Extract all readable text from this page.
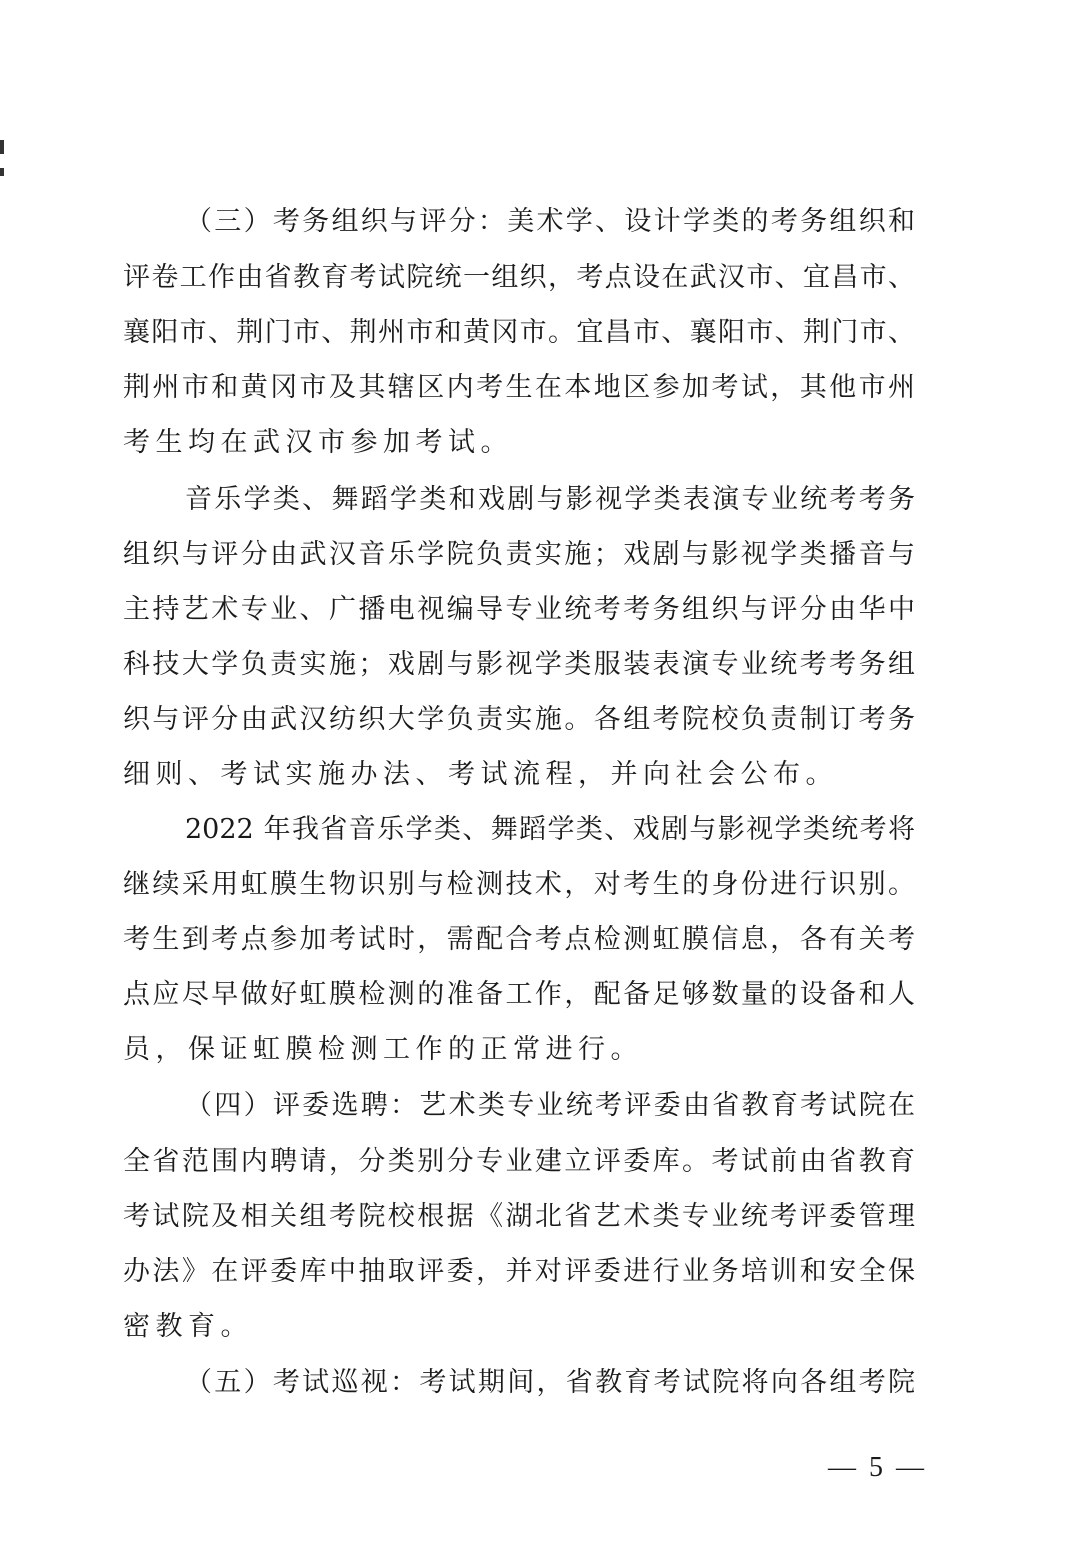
（三）考务组织与评分：美术学、设计学类的考务组织和
评卷工作由省教育考试院统一组织，考点设在武汉市、宜昌市、
襄阳市、荆门市、荆州市和黄冈市。宜昌市、襄阳市、荆门市、
荆州市和黄冈市及其辖区内考生在本地区参加考试，其他市州
考生均在武汉市参加考试。
音乐学类、舞蹈学类和戏剧与影视学类表演专业统考考务
组织与评分由武汉音乐学院负责实施；戏剧与影视学类播音与
主持艺术专业、广播电视编导专业统考考务组织与评分由华中
科技大学负责实施；戏剧与影视学类服装表演专业统考考务组
织与评分由武汉纺织大学负责实施。各组考院校负责制订考务
细则、考试实施办法、考试流程，并向社会公布。
2022 年我省音乐学类、舞蹈学类、戏剧与影视学类统考将
继续采用虹膜生物识别与检测技术，对考生的身份进行识别。
考生到考点参加考试时，需配合考点检测虹膜信息，各有关考
点应尽早做好虹膜检测的准备工作，配备足够数量的设备和人
员，保证虹膜检测工作的正常进行。
（四）评委选聘：艺术类专业统考评委由省教育考试院在
全省范围内聘请，分类别分专业建立评委库。考试前由省教育
考试院及相关组考院校根据《湖北省艺术类专业统考评委管理
办法》在评委库中抽取评委，并对评委进行业务培训和安全保
密教育。
（五）考试巡视：考试期间，省教育考试院将向各组考院
— 5 —
